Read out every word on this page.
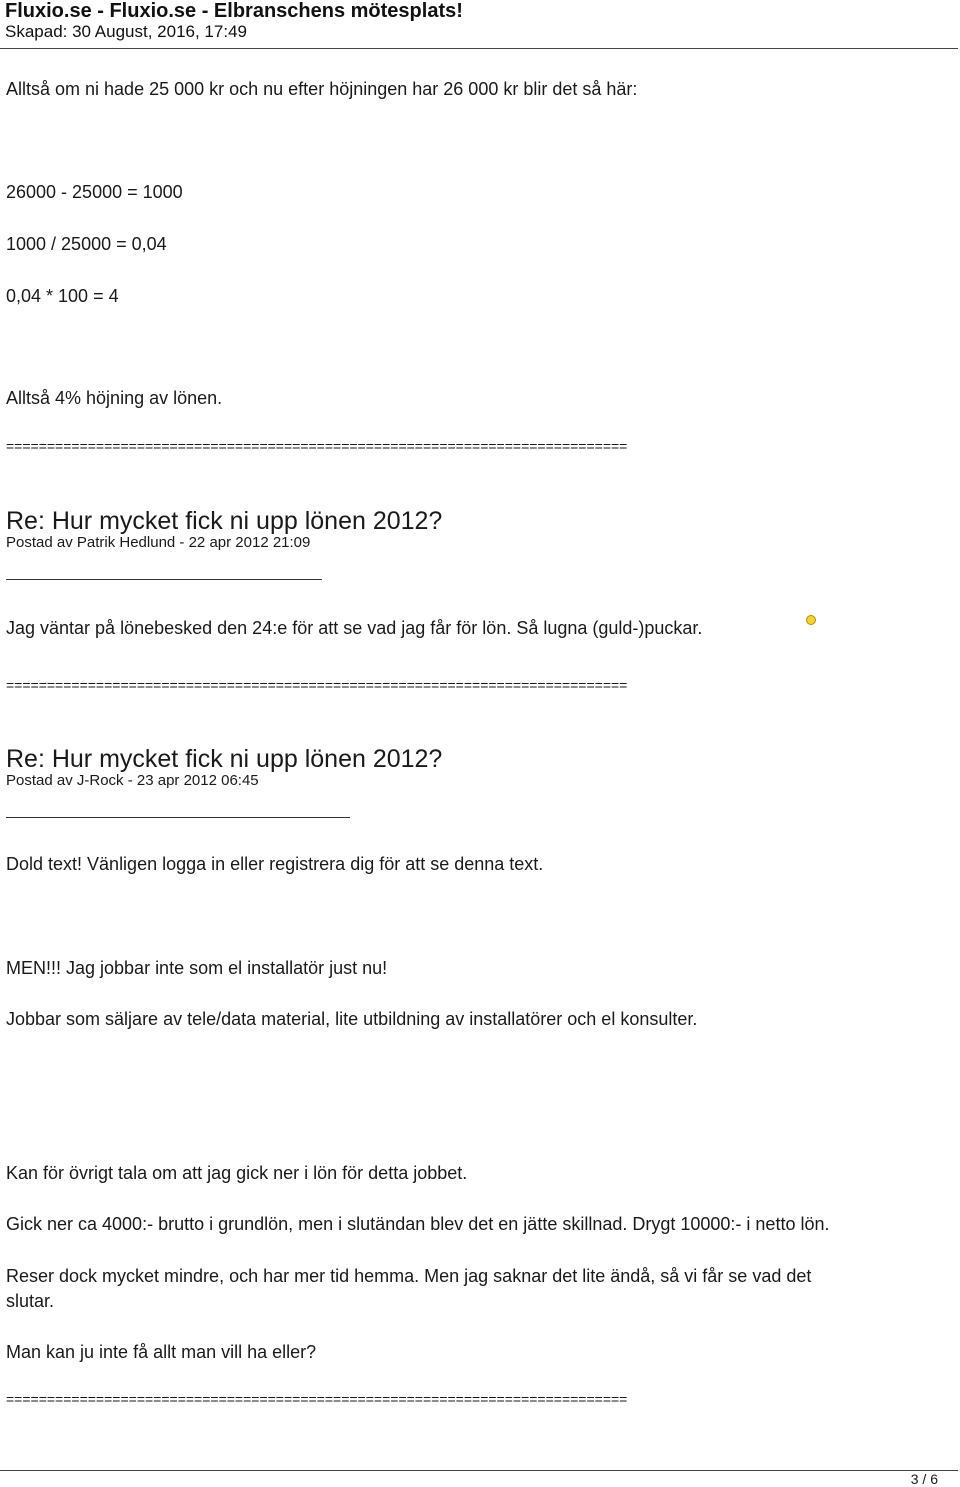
Fluxio.se - Fluxio.se - Elbranschens mötesplats!
Skapad: 30 August, 2016, 17:49
Alltså om ni hade 25 000 kr och nu efter höjningen har 26 000 kr blir det så här:
26000 - 25000 = 1000
1000 / 25000 = 0,04
0,04 * 100 = 4
Alltså 4% höjning av lönen.
============================================================================
Re: Hur mycket fick ni upp lönen 2012?
Postad av Patrik Hedlund - 22 apr 2012 21:09
Jag väntar på lönebesked den 24:e för att se vad jag får för lön. Så lugna (guld-)puckar.
============================================================================
Re: Hur mycket fick ni upp lönen 2012?
Postad av J-Rock - 23 apr 2012 06:45
Dold text! Vänligen logga in eller registrera dig för att se denna text.
MEN!!! Jag jobbar inte som el installatör just nu!
Jobbar som säljare av tele/data material, lite utbildning av installatörer och el konsulter.
Kan för övrigt tala om att jag gick ner i lön för detta jobbet.
Gick ner ca 4000:- brutto i grundlön, men i slutändan blev det en jätte skillnad. Drygt 10000:- i netto lön.
Reser dock mycket mindre, och har mer tid hemma. Men jag saknar det lite ändå, så vi får se vad det
slutar.
Man kan ju inte få allt man vill ha eller?
============================================================================
3 / 6
